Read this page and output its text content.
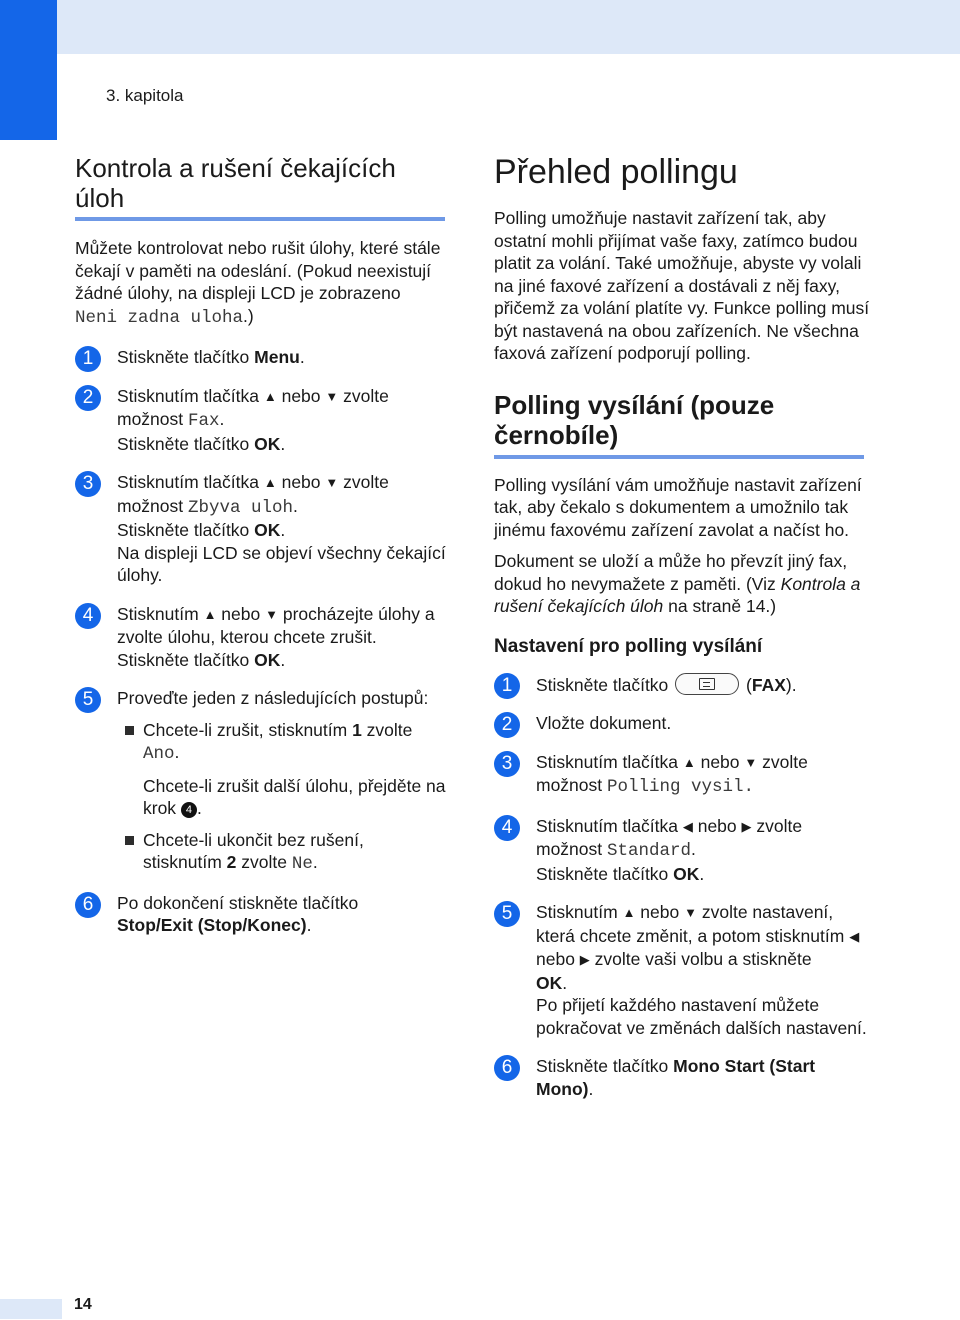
3. kapitola
Kontrola a rušení čekajících úloh

Můžete kontrolovat nebo rušit úlohy, které stále čekají v paměti na odeslání. (Pokud neexistují žádné úlohy, na displeji LCD je zobrazeno Neni zadna uloha.)

1	Stiskněte tlačítko Menu.
2	Stisknutím tlačítka ▲ nebo ▼ zvolte možnost Fax.
Stiskněte tlačítko OK.
3	Stisknutím tlačítka ▲ nebo ▼ zvolte možnost Zbyva uloh.
Stiskněte tlačítko OK.
Na displeji LCD se objeví všechny čekající úlohy.
4	Stisknutím ▲ nebo ▼ procházejte úlohy a zvolte úlohu, kterou chcete zrušit.
Stiskněte tlačítko OK.
5	Proveďte jeden z následujících postupů:
Chcete-li zrušit, stisknutím 1 zvolte
Ano.
Chcete-li zrušit další úlohu, přejděte na krok 4 .
Chcete-li ukončit bez rušení, stisknutím 2 zvolte Ne.
6	Po dokončení stiskněte tlačítko
Stop/Exit (Stop/Konec).
Přehled pollingu

Polling umožňuje nastavit zařízení tak, aby ostatní mohli přijímat vaše faxy, zatímco budou platit za volání. Také umožňuje, abyste vy volali na jiné faxové zařízení a dostávali z něj faxy, přičemž za volání platíte vy. Funkce polling musí být nastavená na obou zařízeních. Ne všechna faxová zařízení podporují polling.

Polling vysílání (pouze černobíle)

Polling vysílání vám umožňuje nastavit zařízení tak, aby čekalo s dokumentem a umožnilo tak jinému faxovému zařízení zavolat a načíst ho.

Dokument se uloží a může ho převzít jiný fax, dokud ho nevymažete z paměti. (Viz Kontrola a rušení čekajících úloh na straně 14.)

Nastavení pro polling vysílání
1	Stiskněte tlačítko	(FAX).
2	Vložte dokument.
3	Stisknutím tlačítka ▲ nebo ▼ zvolte možnost Polling vysil.
4	Stisknutím tlačítka ◀ nebo ▶ zvolte možnost Standard.
Stiskněte tlačítko OK.
5	Stisknutím ▲ nebo ▼ zvolte nastavení, která chcete změnit, a potom stisknutím ◀ nebo ▶ zvolte vaši volbu a stiskněte
OK.
Po přijetí každého nastavení můžete pokračovat ve změnách dalších nastavení.
6	Stiskněte tlačítko Mono Start (Start Mono).
14
